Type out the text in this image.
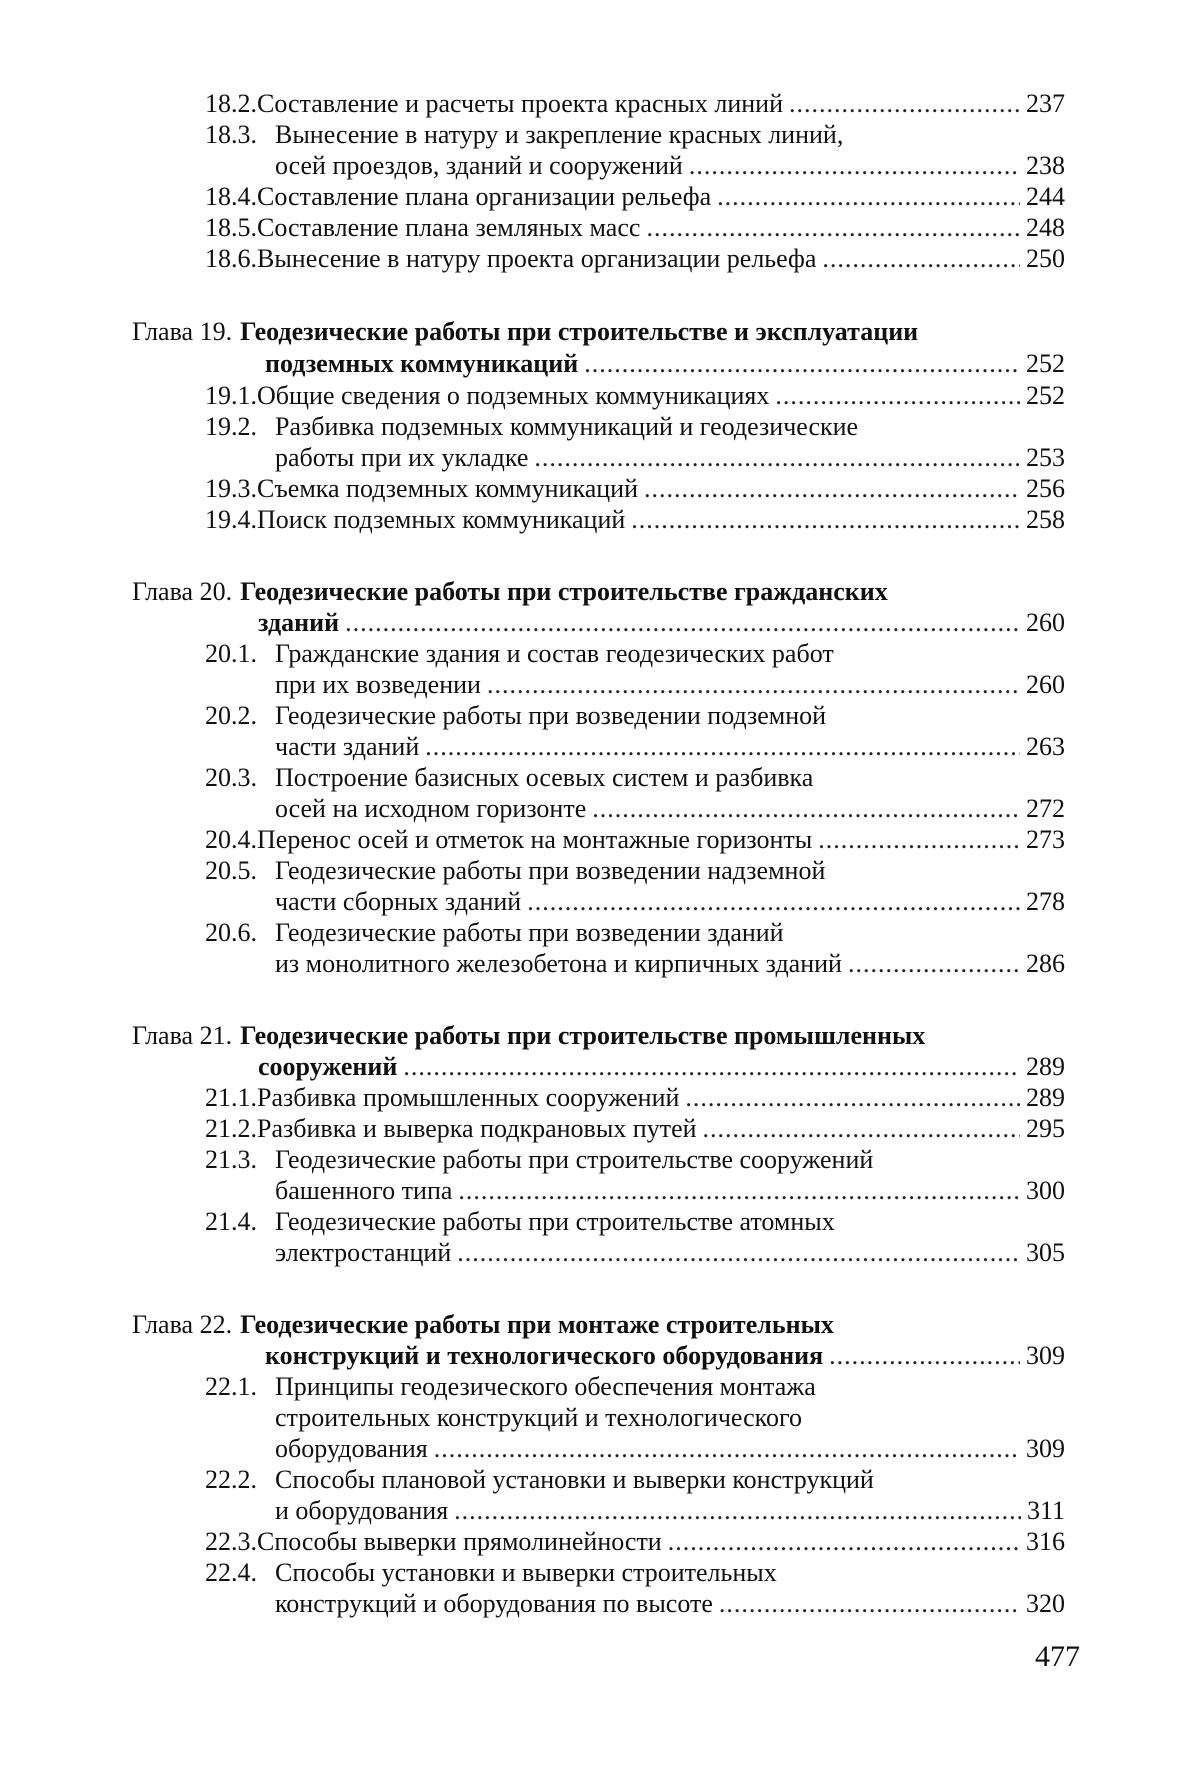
18.2. Составление и расчеты проекта красных линий .....	237
18.3. Вынесение в натуру и закрепление красных линий,
осей проездов, зданий и сооружений .....	238
18.4. Составление плана организации рельефа .....	244
18.5. Составление плана земляных масс .....	248
18.6. Вынесение в натуру проекта организации рельефа .....	250
Глава 19. Геодезические работы при строительстве и эксплуатации
подземных коммуникаций .....	252
19.1. Общие сведения о подземных коммуникациях .....	252
19.2. Разбивка подземных коммуникаций и геодезические
работы при их укладке .....	253
19.3. Съемка подземных коммуникаций .....	256
19.4. Поиск подземных коммуникаций .....	258
Глава 20. Геодезические работы при строительстве гражданских
зданий .....	260
20.1. Гражданские здания и состав геодезических работ
при их возведении .....	260
20.2. Геодезические работы при возведении подземной
части зданий .....	263
20.3. Построение базисных осевых систем и разбивка
осей на исходном горизонте .....	272
20.4. Перенос осей и отметок на монтажные горизонты .....	273
20.5. Геодезические работы при возведении надземной
части сборных зданий .....	278
20.6. Геодезические работы при возведении зданий
из монолитного железобетона и кирпичных зданий .....	286
Глава 21. Геодезические работы при строительстве промышленных
сооружений .....	289
21.1. Разбивка промышленных сооружений .....	289
21.2. Разбивка и выверка подкрановых путей .....	295
21.3. Геодезические работы при строительстве сооружений
башенного типа .....	300
21.4. Геодезические работы при строительстве атомных
электростанций .....	305
Глава 22. Геодезические работы при монтаже строительных
конструкций и технологического оборудования .....	309
22.1. Принципы геодезического обеспечения монтажа
строительных конструкций и технологического
оборудования .....	309
22.2. Способы плановой установки и выверки конструкций
и оборудования .....	311
22.3. Способы выверки прямолинейности .....	316
22.4. Способы установки и выверки строительных
конструкций и оборудования по высоте .....	320
477
